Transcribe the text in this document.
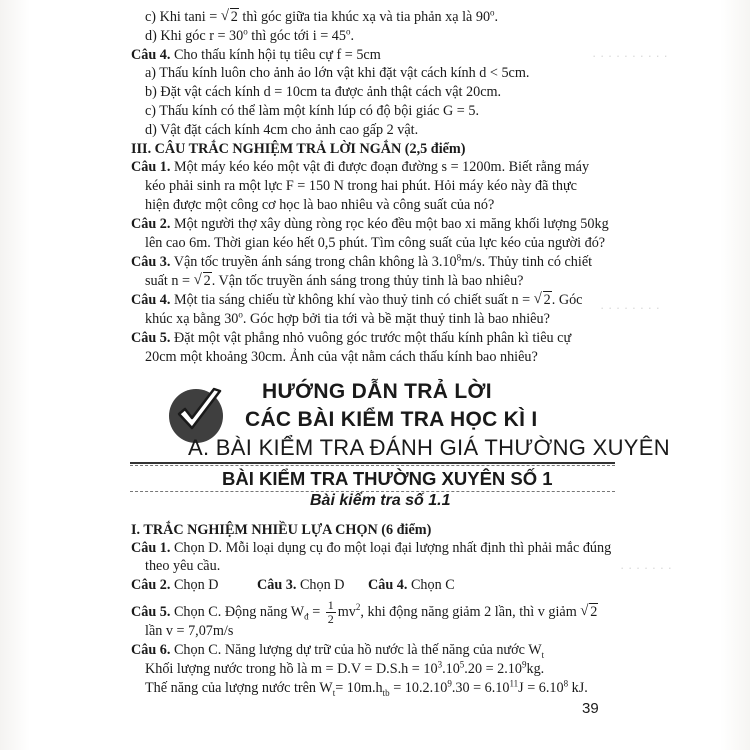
· · · · · · · · · ·
· · · · · · · ·
· · · · · · ·
c) Khi tani = √ 2 thì góc giữa tia khúc xạ và tia phản xạ là 90$^o$.
d) Khi góc $r = 30^o$ thì góc tới $i = 45^o$.
Câu 4. Cho thấu kính hội tụ tiêu cự f = 5cm
a) Thấu kính luôn cho ảnh ảo lớn vật khi đặt vật cách kính d < 5cm.
b) Đặt vật cách kính d = 10cm ta được ảnh thật cách vật 20cm.
c) Thấu kính có thể làm một kính lúp có độ bội giác G = 5.
d) Vật đặt cách kính 4cm cho ảnh cao gấp 2 vật.
III. CÂU TRẮC NGHIỆM TRẢ LỜI NGẮN (2,5 điểm)
Câu 1. Một máy kéo kéo một vật đi được đoạn đường s = 1200m. Biết rằng máy
kéo phải sinh ra một lực F = 150 N trong hai phút. Hỏi máy kéo này đã thực
hiện được một công cơ học là bao nhiêu và công suất của nó?
Câu 2. Một người thợ xây dùng ròng rọc kéo đều một bao xi măng khối lượng 50kg
lên cao 6m. Thời gian kéo hết 0,5 phút. Tìm công suất của lực kéo của người đó?
Câu 3. Vận tốc truyền ánh sáng trong chân không là 3.10$^8$m/s. Thủy tinh có chiết
suất n = √ 2. Vận tốc truyền ánh sáng trong thủy tinh là bao nhiêu?
Câu 4. Một tia sáng chiếu từ không khí vào thuỷ tinh có chiết suất n = √ 2. Góc
khúc xạ bằng 30$^o$. Góc hợp bởi tia tới và bề mặt thuỷ tinh là bao nhiêu?
HƯỚNG DẪN TRẢ LỜI
CÁC BÀI KIỂM TRA HỌC KÌ I
A. BÀI KIỂM TRA ĐÁNH GIÁ THƯỜNG XUYÊN
BÀI KIỂM TRA THƯỜNG XUYÊN SỐ 1
Bài kiểm tra số 1.1
I. TRẮC NGHIỆM NHIỀU LỰA CHỌN (6 điểm)
Câu 1. Chọn D. Mỗi loại dụng cụ đo một loại đại lượng nhất định thì phải mắc đúng
theo yêu cầu.
Câu 2. Chọn D	Câu 3. Chọn D Câu 4. Chọn C
Câu 5. Chọn C. Động năng $W_đ = \frac{1}{2} mv^2$, khi động năng giảm 2 lần, thì v giảm √ 2
lần v = 7,07m/s
Câu 6. Chọn C. Năng lượng dự trữ của hồ nước là thế năng của nước $W_t$
Khối lượng nước trong hồ là $m = D.V = D.S.h = 10^3.10^5.20 = 2.10^9kg$.
Thế năng của lượng nước trên $W_t= 10m.h_{tb} = 10.2.10^9.30 = 6.10^{11}J = 6.10^8$ kJ.
39
Câu 5. Đặt một vật phẳng nhỏ vuông góc trước một thấu kính phân kì tiêu cự
20cm một khoảng 30cm. Ảnh của vật nằm cách thấu kính bao nhiêu?
